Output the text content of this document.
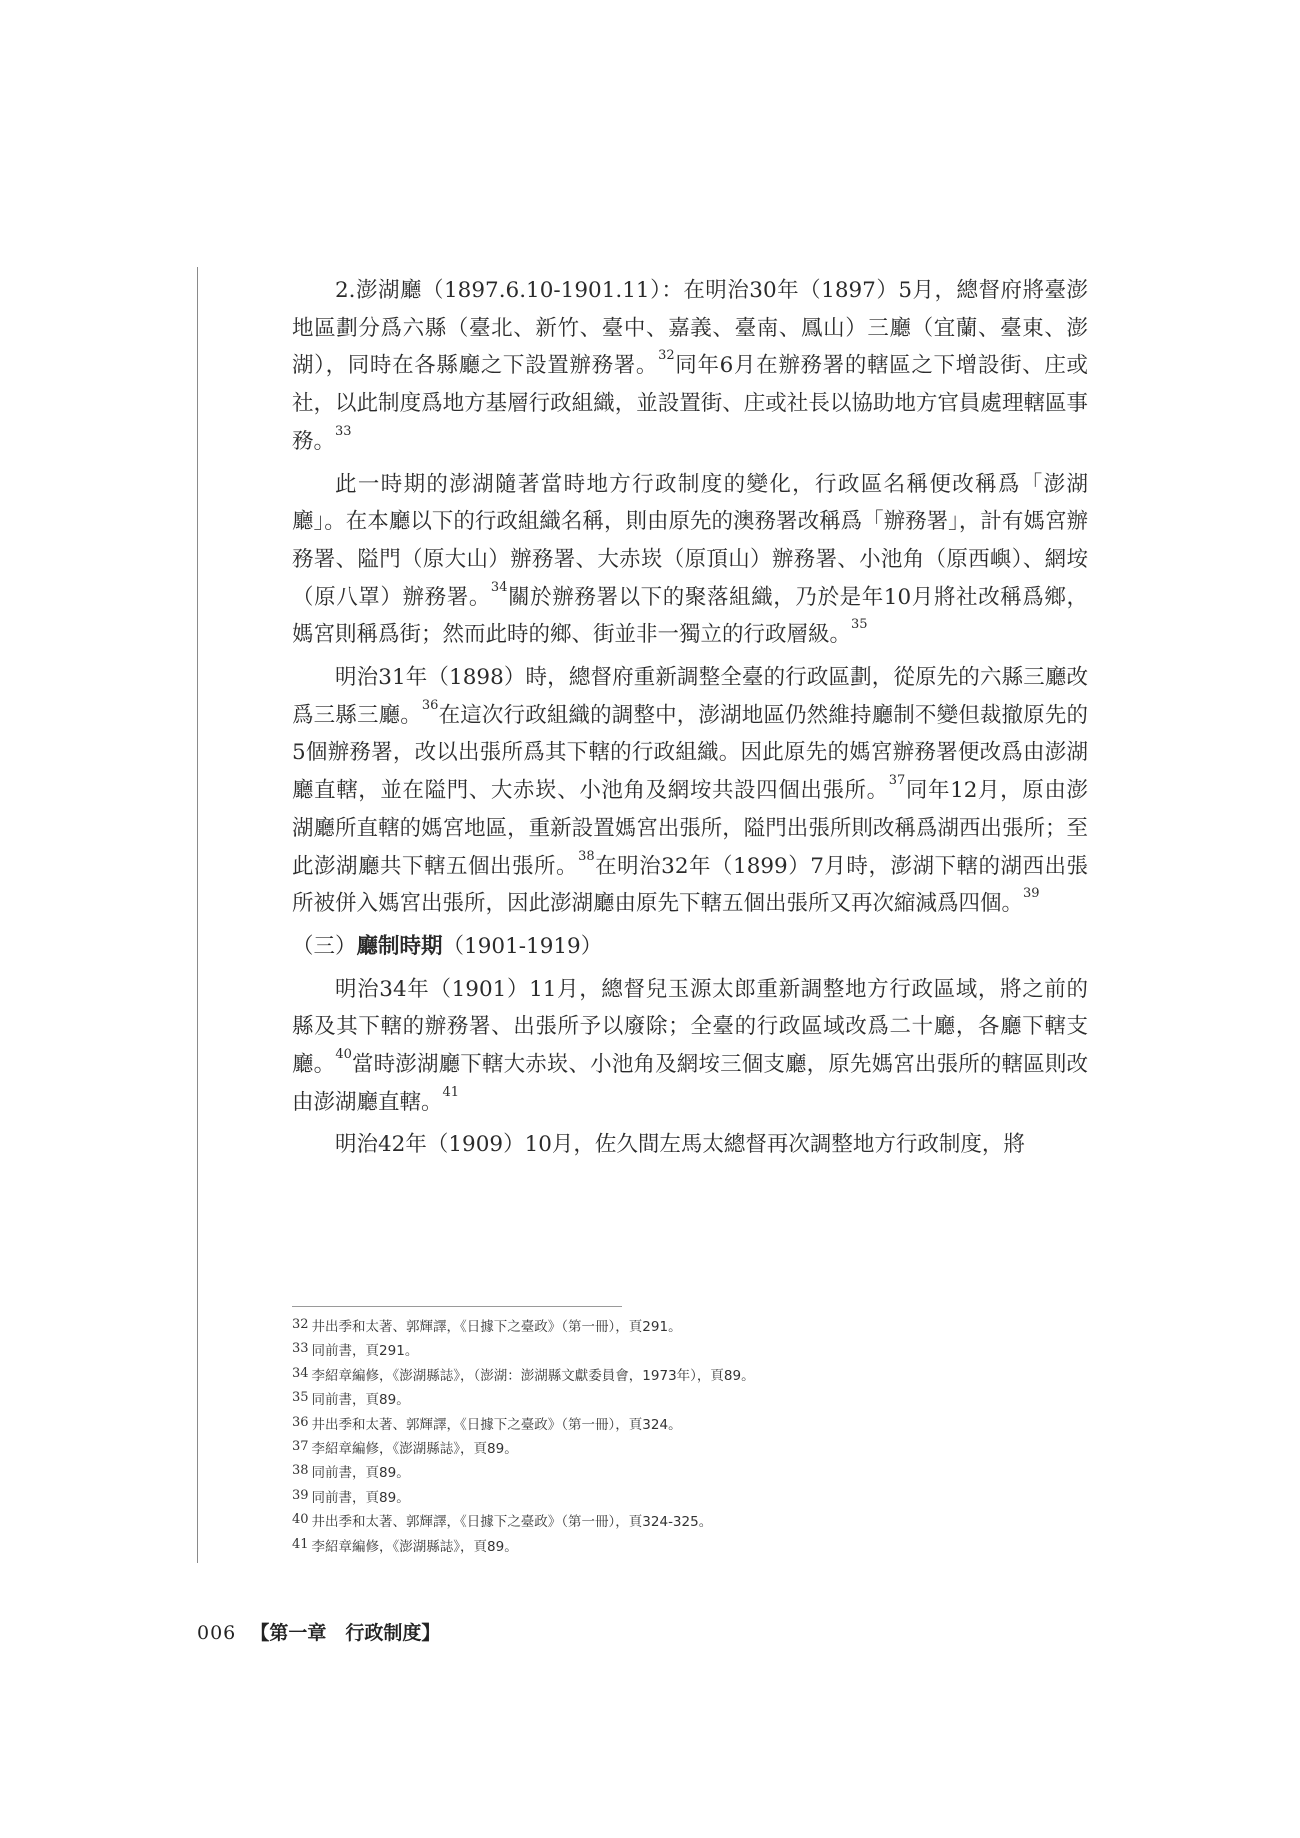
2.澎湖廳（1897.6.10-1901.11）：在明治30年（1897）5月，總督府將臺澎地區劃分爲六縣（臺北、新竹、臺中、嘉義、臺南、鳳山）三廳（宜蘭、臺東、澎湖），同時在各縣廳之下設置辦務署。$^{32}$同年6月在辦務署的轄區之下增設街、庄或社，以此制度爲地方基層行政組織，並設置街、庄或社長以協助地方官員處理轄區事務。$^{33}$

此一時期的澎湖隨著當時地方行政制度的變化，行政區名稱便改稱爲「澎湖廳」。在本廳以下的行政組織名稱，則由原先的澳務署改稱爲「辦務署」，計有媽宮辦務署、隘門（原大山）辦務署、大赤崁（原頂山）辦務署、小池角（原西嶼）、網垵（原八罩）辦務署。$^{34}$關於辦務署以下的聚落組織，乃於是年10月將社改稱爲鄉，媽宮則稱爲街；然而此時的鄉、街並非一獨立的行政層級。$^{35}$

明治31年（1898）時，總督府重新調整全臺的行政區劃，從原先的六縣三廳改爲三縣三廳。$^{36}$在這次行政組織的調整中，澎湖地區仍然維持廳制不變但裁撤原先的5個辦務署，改以出張所爲其下轄的行政組織。因此原先的媽宮辦務署便改爲由澎湖廳直轄，並在隘門、大赤崁、小池角及網垵共設四個出張所。$^{37}$同年12月，原由澎湖廳所直轄的媽宮地區，重新設置媽宮出張所，隘門出張所則改稱爲湖西出張所；至此澎湖廳共下轄五個出張所。$^{38}$在明治32年（1899）7月時，澎湖下轄的湖西出張所被併入媽宮出張所，因此澎湖廳由原先下轄五個出張所又再次縮減爲四個。$^{39}$

（三）廳制時期（1901-1919）

明治34年（1901）11月，總督兒玉源太郎重新調整地方行政區域，將之前的縣及其下轄的辦務署、出張所予以廢除；全臺的行政區域改爲二十廳，各廳下轄支廳。$^{40}$當時澎湖廳下轄大赤崁、小池角及網垵三個支廳，原先媽宮出張所的轄區則改由澎湖廳直轄。$^{41}$

明治42年（1909）10月，佐久間左馬太總督再次調整地方行政制度，將

32 井出季和太著、郭輝譯，《日據下之臺政》（第一冊），頁291。
33 同前書，頁291。
34 李紹章編修，《澎湖縣誌》，（澎湖：澎湖縣文獻委員會，1973年），頁89。
35 同前書，頁89。
36 井出季和太著、郭輝譯，《日據下之臺政》（第一冊），頁324。
37 李紹章編修，《澎湖縣誌》，頁89。
38 同前書，頁89。
39 同前書，頁89。
40 井出季和太著、郭輝譯，《日據下之臺政》（第一冊），頁324-325。
41 李紹章編修，《澎湖縣誌》，頁89。
006 【第一章　行政制度】
